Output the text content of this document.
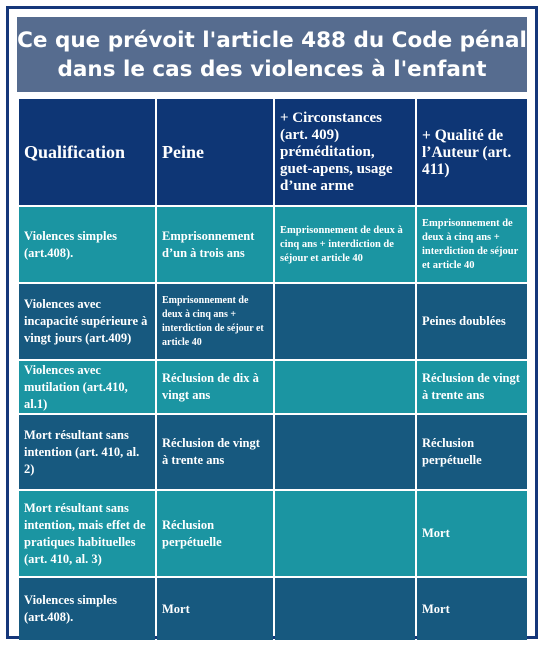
Ce que prévoit l'article 488 du Code pénal
dans le cas des violences à l'enfant
Qualification	Peine	+ Circonstances (art. 409) préméditation, guet-apens, usage d’une arme	+ Qualité de l’Auteur (art. 411)
Violences simples (art.408).	Emprisonnement d’un à trois ans	Emprisonnement de deux à cinq ans + interdiction de séjour et article 40	Emprisonnement de deux à cinq ans + interdiction de séjour et article 40
Violences avec incapacité supérieure à vingt jours (art.409)	Emprisonnement de deux à cinq ans + interdiction de séjour et article 40		Peines doublées
Violences avec mutilation (art.410, al.1)	Réclusion de dix à vingt ans		Réclusion de vingt à trente ans
Mort résultant sans intention (art. 410, al. 2)	Réclusion de vingt à trente ans		Réclusion perpétuelle
Mort résultant sans intention, mais effet de pratiques habituelles (art. 410, al. 3)	Réclusion perpétuelle		Mort
Violences simples (art.408).	Mort		Mort
